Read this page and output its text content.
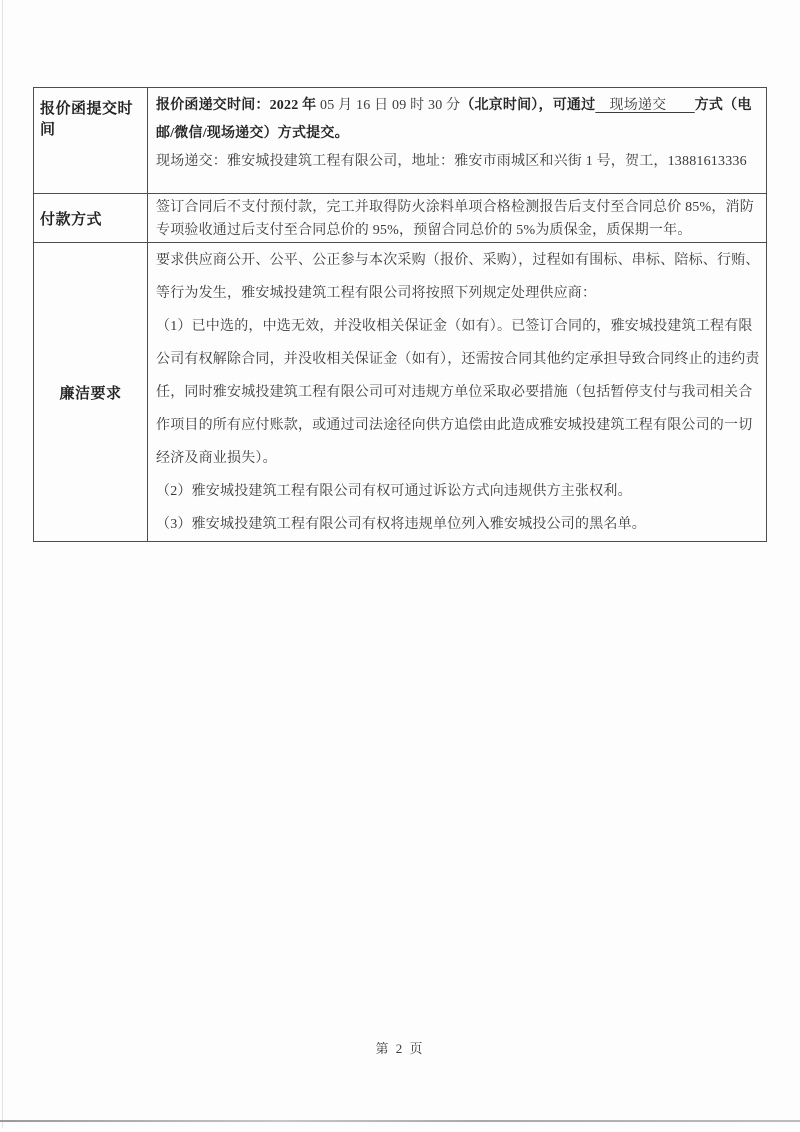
报价函提交时间	报价函递交时间：2022 年 05 月 16 日 09 时 30 分（北京时间），可通过　现场递交　　方式（电邮/微信/现场递交）方式提交。

现场递交：雅安城投建筑工程有限公司，地址：雅安市雨城区和兴街 1 号，贺工，13881613336

付款方式	签订合同后不支付预付款，完工并取得防火涂料单项合格检测报告后支付至合同总价 85%，消防专项验收通过后支付至合同总价的 95%，预留合同总价的 5%为质保金，质保期一年。

廉洁要求	要求供应商公开、公平、公正参与本次采购（报价、采购），过程如有围标、串标、陪标、行贿、等行为发生，雅安城投建筑工程有限公司将按照下列规定处理供应商：

（1）已中选的，中选无效，并没收相关保证金（如有）。已签订合同的，雅安城投建筑工程有限公司有权解除合同，并没收相关保证金（如有），还需按合同其他约定承担导致合同终止的违约责任，同时雅安城投建筑工程有限公司可对违规方单位采取必要措施（包括暂停支付与我司相关合作项目的所有应付账款，或通过司法途径向供方追偿由此造成雅安城投建筑工程有限公司的一切经济及商业损失）。

（2）雅安城投建筑工程有限公司有权可通过诉讼方式向违规供方主张权利。

（3）雅安城投建筑工程有限公司有权将违规单位列入雅安城投公司的黑名单。

第 2 页
